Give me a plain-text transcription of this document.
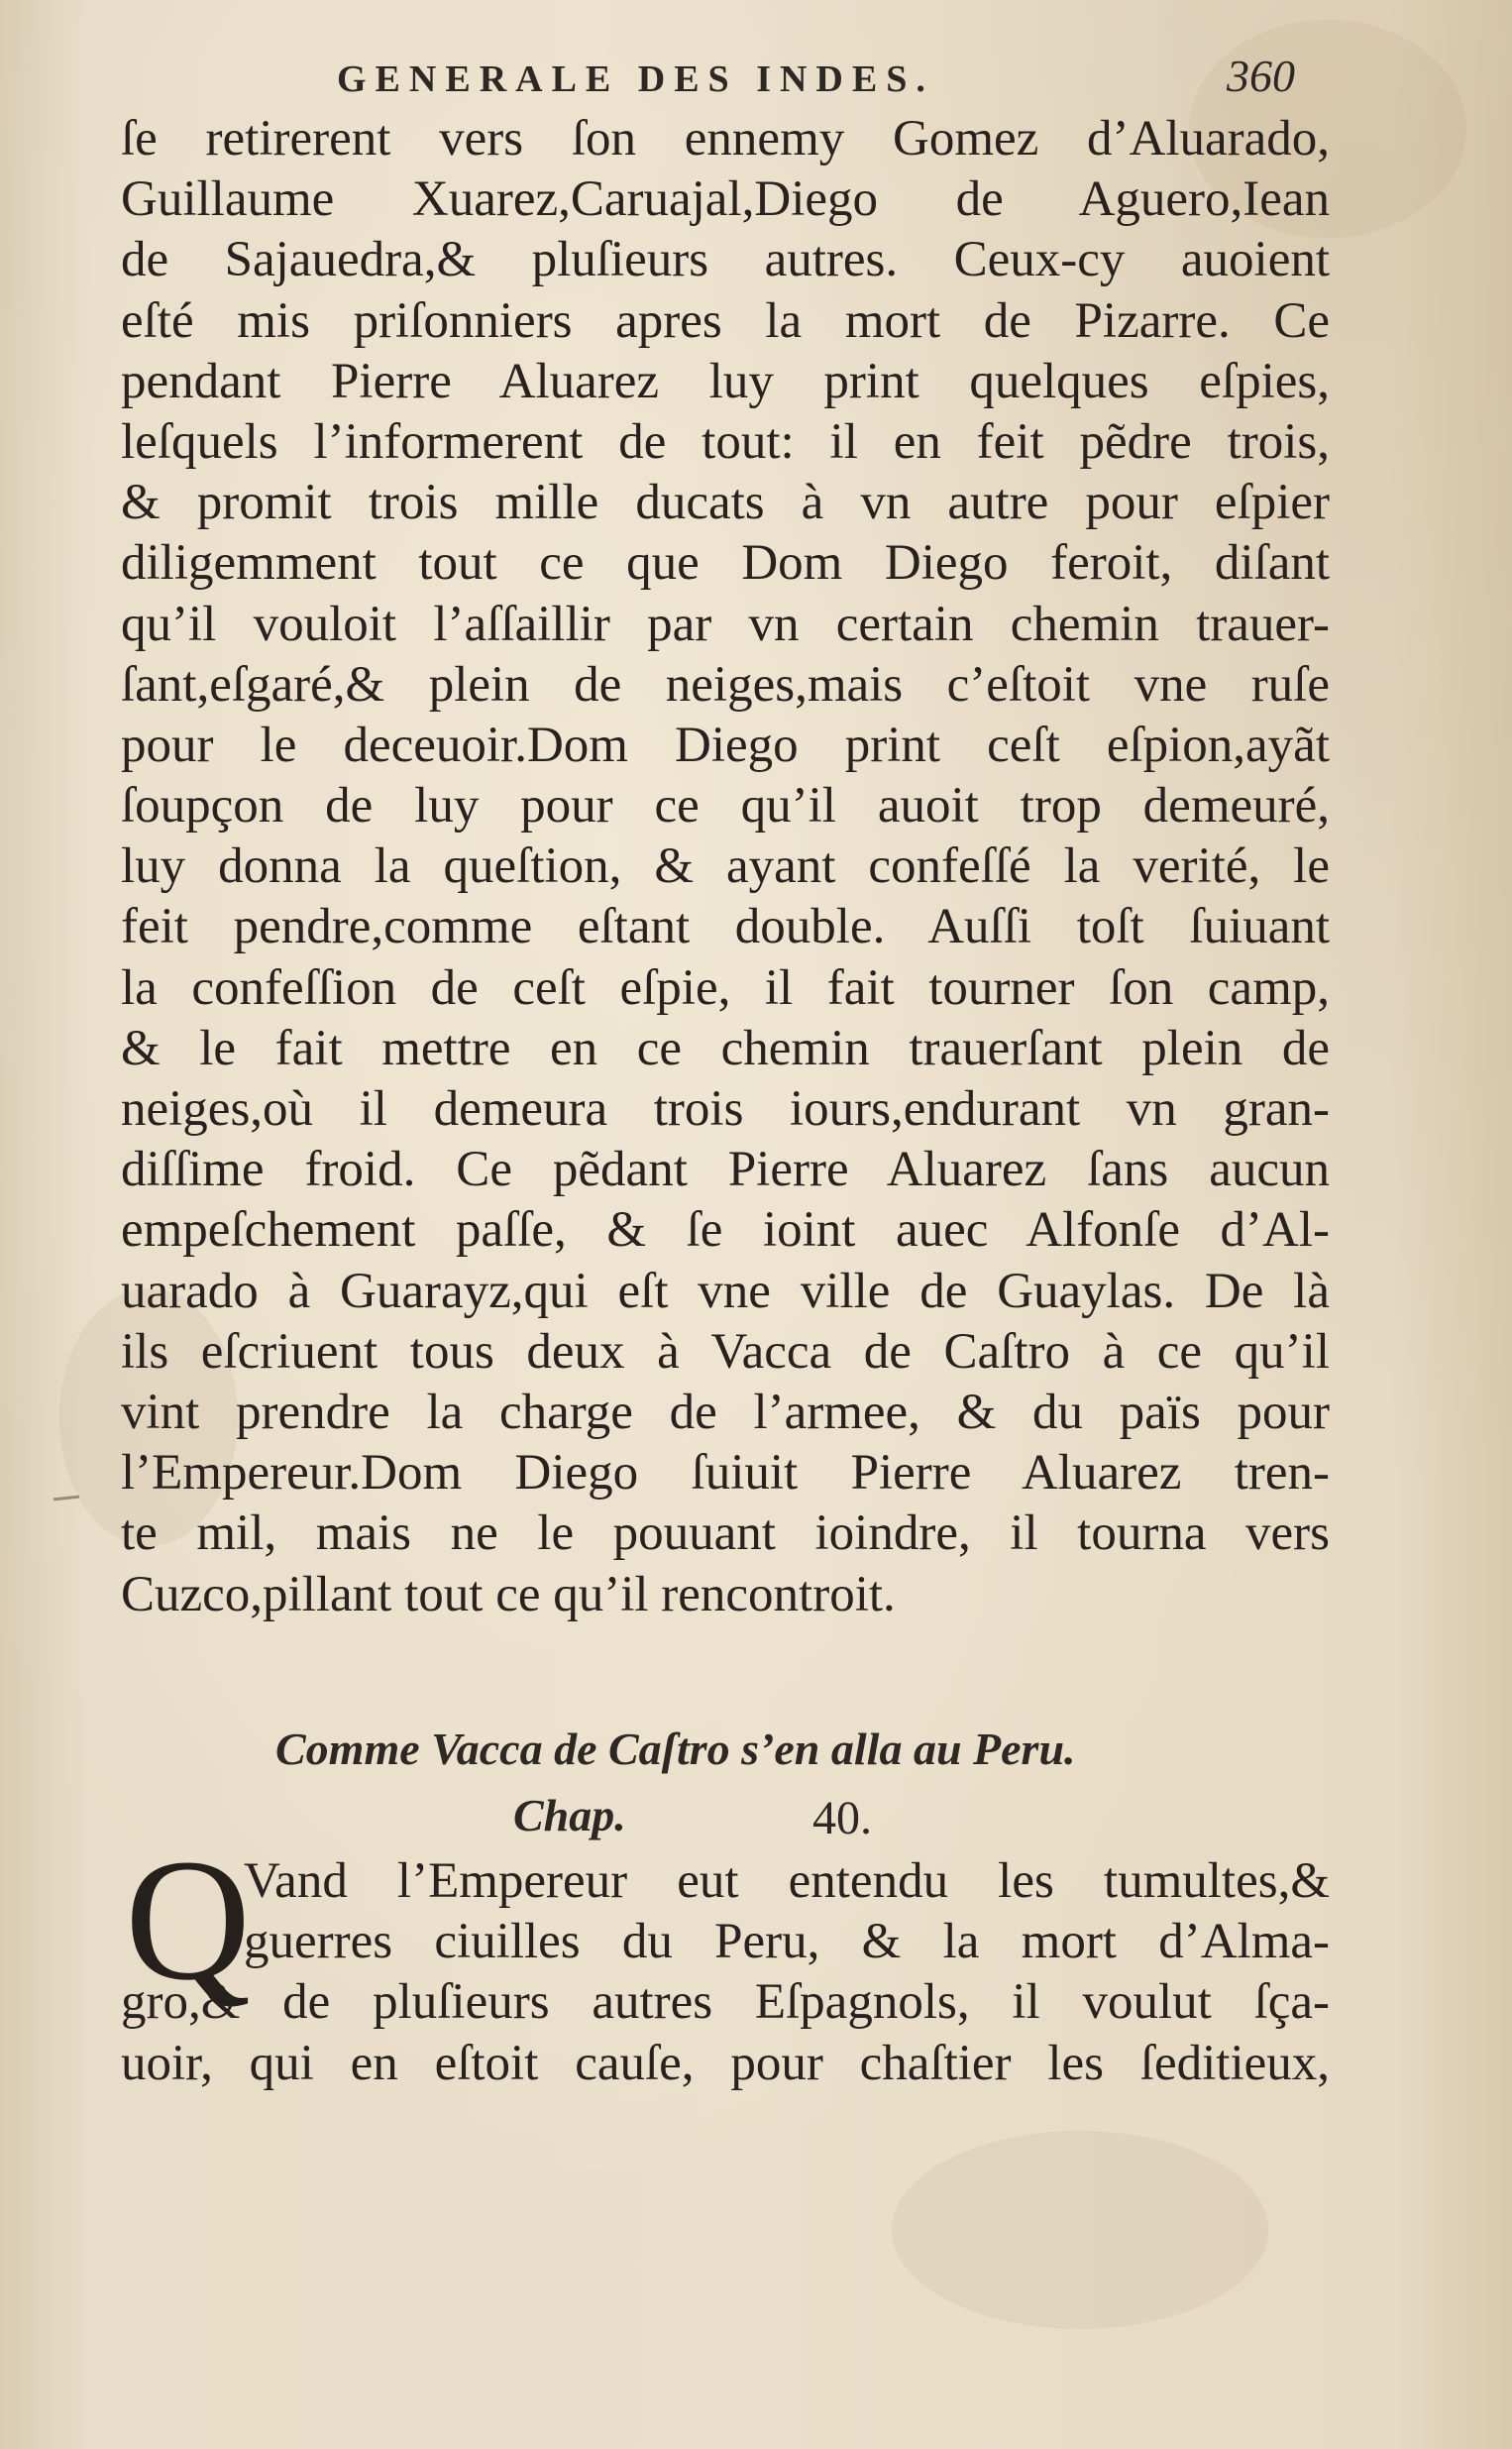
GENERALE DES INDES.	360
ſe retirerent vers ſon ennemy Gomez d’Aluarado,
Guillaume Xuarez,Caruajal,Diego de Aguero,Iean
de Sajauedra,& pluſieurs autres. Ceux-cy auoient
eſté mis priſonniers apres la mort de Pizarre. Ce
pendant Pierre Aluarez luy print quelques eſpies,
leſquels l’informerent de tout: il en feit pẽdre trois,
& promit trois mille ducats à vn autre pour eſpier
diligemment tout ce que Dom Diego feroit, diſant
qu’il vouloit l’aſſaillir par vn certain chemin trauer-
ſant,eſgaré,& plein de neiges,mais c’eſtoit vne ruſe
pour le deceuoir.Dom Diego print ceſt eſpion,ayãt
ſoupçon de luy pour ce qu’il auoit trop demeuré,
luy donna la queſtion, & ayant confeſſé la verité, le
feit pendre,comme eſtant double. Auſſi toſt ſuiuant
la confeſſion de ceſt eſpie, il fait tourner ſon camp,
& le fait mettre en ce chemin trauerſant plein de
neiges,où il demeura trois iours,endurant vn gran-
diſſime froid. Ce pẽdant Pierre Aluarez ſans aucun
empeſchement paſſe, & ſe ioint auec Alfonſe d’Al-
uarado à Guarayz,qui eſt vne ville de Guaylas. De là
ils eſcriuent tous deux à Vacca de Caſtro à ce qu’il
vint prendre la charge de l’armee, & du païs pour
l’Empereur.Dom Diego ſuiuit Pierre Aluarez tren-
te mil, mais ne le pouuant ioindre, il tourna vers
Cuzco,pillant tout ce qu’il rencontroit.
Comme Vacca de Caſtro s’en alla au Peru.
Chap.	40.
Q
Vand l’Empereur eut entendu les tumultes,&
guerres ciuilles du Peru, & la mort d’Alma-
gro,& de pluſieurs autres Eſpagnols, il voulut ſça-
uoir, qui en eſtoit cauſe, pour chaſtier les ſeditieux,
